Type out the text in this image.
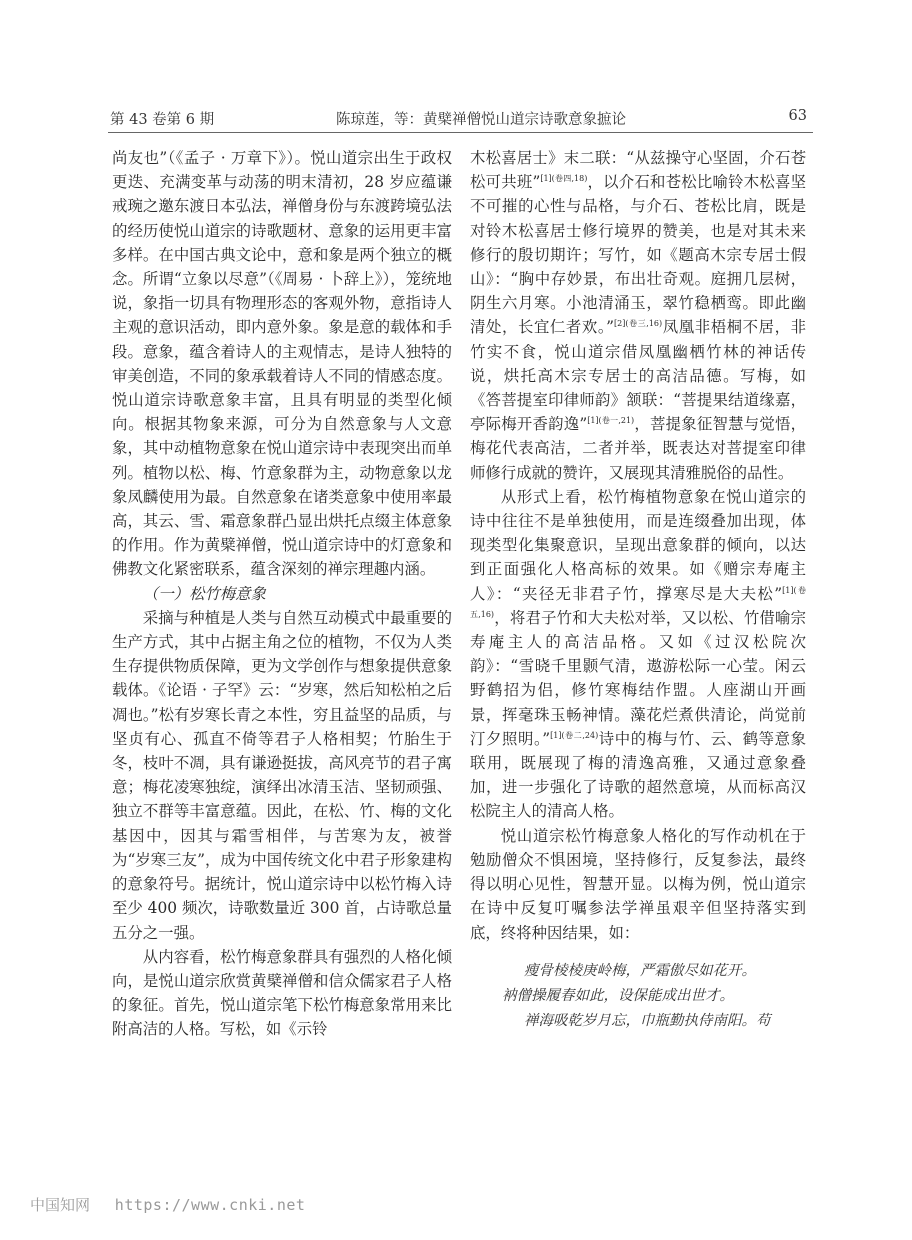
第 43 卷第 6 期	陈琼莲，等：黄檗禅僧悦山道宗诗歌意象摭论	63

尚友也”（《孟子 · 万章下》）。悦山道宗出生于政权更迭、充满变革与动荡的明末清初，28 岁应蕴谦戒琬之邀东渡日本弘法，禅僧身份与东渡跨境弘法的经历使悦山道宗的诗歌题材、意象的运用更丰富多样。在中国古典文论中，意和象是两个独立的概念。所谓“立象以尽意”（《周易 · 卜辞上》），笼统地说，象指一切具有物理形态的客观外物，意指诗人主观的意识活动，即内意外象。象是意的载体和手段。意象，蕴含着诗人的主观情志，是诗人独特的审美创造，不同的象承载着诗人不同的情感态度。悦山道宗诗歌意象丰富，且具有明显的类型化倾向。根据其物象来源，可分为自然意象与人文意象，其中动植物意象在悦山道宗诗中表现突出而单列。植物以松、梅、竹意象群为主，动物意象以龙象凤麟使用为最。自然意象在诸类意象中使用率最高，其云、雪、霜意象群凸显出烘托点缀主体意象的作用。作为黄檗禅僧，悦山道宗诗中的灯意象和佛教文化紧密联系，蕴含深刻的禅宗理趣内涵。

（一）松竹梅意象

采摘与种植是人类与自然互动模式中最重要的生产方式，其中占据主角之位的植物，不仅为人类生存提供物质保障，更为文学创作与想象提供意象载体。《论语 · 子罕》云：“岁寒，然后知松柏之后凋也。”松有岁寒长青之本性，穷且益坚的品质，与坚贞有心、孤直不倚等君子人格相契；竹胎生于冬，枝叶不凋，具有谦逊挺拔，高风亮节的君子寓意；梅花凌寒独绽，演绎出冰清玉洁、坚韧顽强、独立不群等丰富意蕴。因此，在松、竹、梅的文化基因中，因其与霜雪相伴，与苦寒为友，被誉为“岁寒三友”，成为中国传统文化中君子形象建构的意象符号。据统计，悦山道宗诗中以松竹梅入诗至少 400 频次，诗歌数量近 300 首，占诗歌总量五分之一强。

从内容看，松竹梅意象群具有强烈的人格化倾向，是悦山道宗欣赏黄檗禅僧和信众儒家君子人格的象征。首先，悦山道宗笔下松竹梅意象常用来比附高洁的人格。写松，如《示铃

木松喜居士》末二联：“从兹操守心坚固，介石苍松可共班”$^{[1](卷四,18)}$，以介石和苍松比喻铃木松喜坚不可摧的心性与品格，与介石、苍松比肩，既是对铃木松喜居士修行境界的赞美，也是对其未来修行的殷切期许；写竹，如《题高木宗专居士假山》：“胸中存妙景，布出壮奇观。庭拥几层树，阴生六月寒。小池清涌玉，翠竹稳栖鸾。即此幽清处，长宜仁者欢。”$^{[2](卷三,16)}$凤凰非梧桐不居，非竹实不食，悦山道宗借凤凰幽栖竹林的神话传说，烘托高木宗专居士的高洁品德。写梅，如《答菩提室印律师韵》颔联：“菩提果结道缘嘉，亭际梅开香韵逸”$^{[1](卷一,21)}$，菩提象征智慧与觉悟，梅花代表高洁，二者并举，既表达对菩提室印律师修行成就的赞许，又展现其清雅脱俗的品性。

从形式上看，松竹梅植物意象在悦山道宗的诗中往往不是单独使用，而是连缀叠加出现，体现类型化集聚意识，呈现出意象群的倾向，以达到正面强化人格高标的效果。如《赠宗寿庵主人》：“夹径无非君子竹，撑寒尽是大夫松”$^{[1](卷五,16)}$，将君子竹和大夫松对举，又以松、竹借喻宗寿庵主人的高洁品格。又如《过汉松院次韵》：“雪晓千里颢气清，遨游松际一心莹。闲云野鹤招为侣，修竹寒梅结作盟。人座湖山开画景，挥毫珠玉畅神情。藻花烂煮供清论，尚觉前汀夕照明。”$^{[1](卷二,24)}$诗中的梅与竹、云、鹤等意象联用，既展现了梅的清逸高雅，又通过意象叠加，进一步强化了诗歌的超然意境，从而标高汉松院主人的清高人格。

悦山道宗松竹梅意象人格化的写作动机在于勉励僧众不惧困境，坚持修行，反复参法，最终得以明心见性，智慧开显。以梅为例，悦山道宗在诗中反复叮嘱参法学禅虽艰辛但坚持落实到底，终将种因结果，如：

瘦骨棱棱庚岭梅，严霜傲尽如花开。
衲僧操履春如此，设保能成出世才。
禅海吸乾岁月忘，巾瓶勤执侍南阳。苟
中国知网 https://www.cnki.net
